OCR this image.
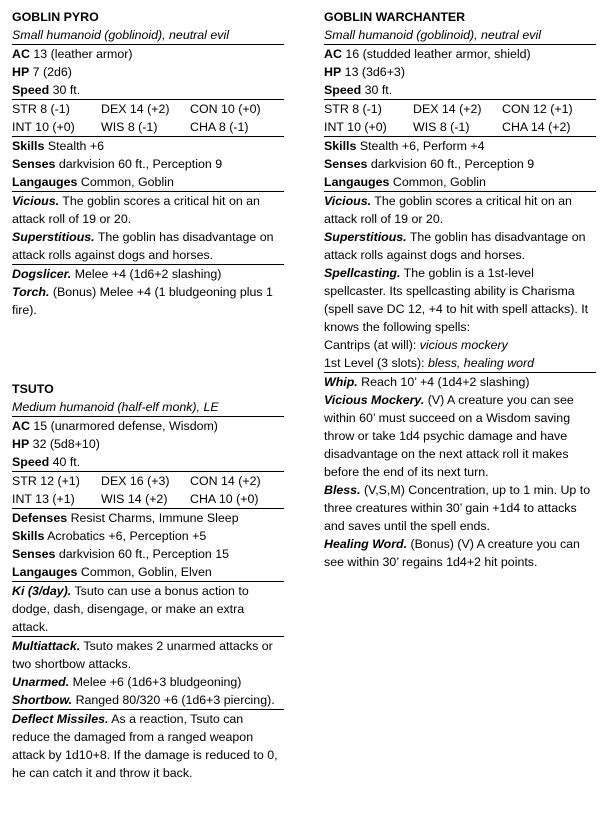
GOBLIN PYRO
Small humanoid (goblinoid), neutral evil
AC 13 (leather armor)
HP 7 (2d6)
Speed 30 ft.
STR 8 (-1)	DEX 14 (+2)	CON 10 (+0)
INT 10 (+0)	WIS 8 (-1)	CHA 8 (-1)
Skills Stealth +6
Senses darkvision 60 ft., Perception 9
Langauges Common, Goblin
Vicious. The goblin scores a critical hit on an attack roll of 19 or 20.
Superstitious. The goblin has disadvantage on attack rolls against dogs and horses.
Dogslicer. Melee +4 (1d6+2 slashing)
Torch. (Bonus) Melee +4 (1 bludgeoning plus 1 fire).
TSUTO
Medium humanoid (half-elf monk), LE
AC 15 (unarmored defense, Wisdom)
HP 32 (5d8+10)
Speed 40 ft.
STR 12 (+1)	DEX 16 (+3)	CON 14 (+2)
INT 13 (+1)	WIS 14 (+2)	CHA 10 (+0)
Defenses Resist Charms, Immune Sleep
Skills Acrobatics +6, Perception +5
Senses darkvision 60 ft., Perception 15
Langauges Common, Goblin, Elven
Ki (3/day). Tsuto can use a bonus action to dodge, dash, disengage, or make an extra attack.
Multiattack. Tsuto makes 2 unarmed attacks or two shortbow attacks.
Unarmed. Melee +6 (1d6+3 bludgeoning)
Shortbow. Ranged 80/320 +6 (1d6+3 piercing).
Deflect Missiles. As a reaction, Tsuto can reduce the damaged from a ranged weapon attack by 1d10+8. If the damage is reduced to 0, he can catch it and throw it back.
GOBLIN WARCHANTER
Small humanoid (goblinoid), neutral evil
AC 16 (studded leather armor, shield)
HP 13 (3d6+3)
Speed 30 ft.
STR 8 (-1)	DEX 14 (+2)	CON 12 (+1)
INT 10 (+0)	WIS 8 (-1)	CHA 14 (+2)
Skills Stealth +6, Perform +4
Senses darkvision 60 ft., Perception 9
Langauges Common, Goblin
Vicious. The goblin scores a critical hit on an attack roll of 19 or 20.
Superstitious. The goblin has disadvantage on attack rolls against dogs and horses.
Spellcasting. The goblin is a 1st-level spellcaster. Its spellcasting ability is Charisma (spell save DC 12, +4 to hit with spell attacks). It knows the following spells:
Cantrips (at will): vicious mockery
1st Level (3 slots): bless, healing word
Whip. Reach 10’ +4 (1d4+2 slashing)
Vicious Mockery. (V) A creature you can see within 60’ must succeed on a Wisdom saving throw or take 1d4 psychic damage and have disadvantage on the next attack roll it makes before the end of its next turn.
Bless. (V,S,M) Concentration, up to 1 min. Up to three creatures within 30’ gain +1d4 to attacks and saves until the spell ends.
Healing Word. (Bonus) (V) A creature you can see within 30’ regains 1d4+2 hit points.
